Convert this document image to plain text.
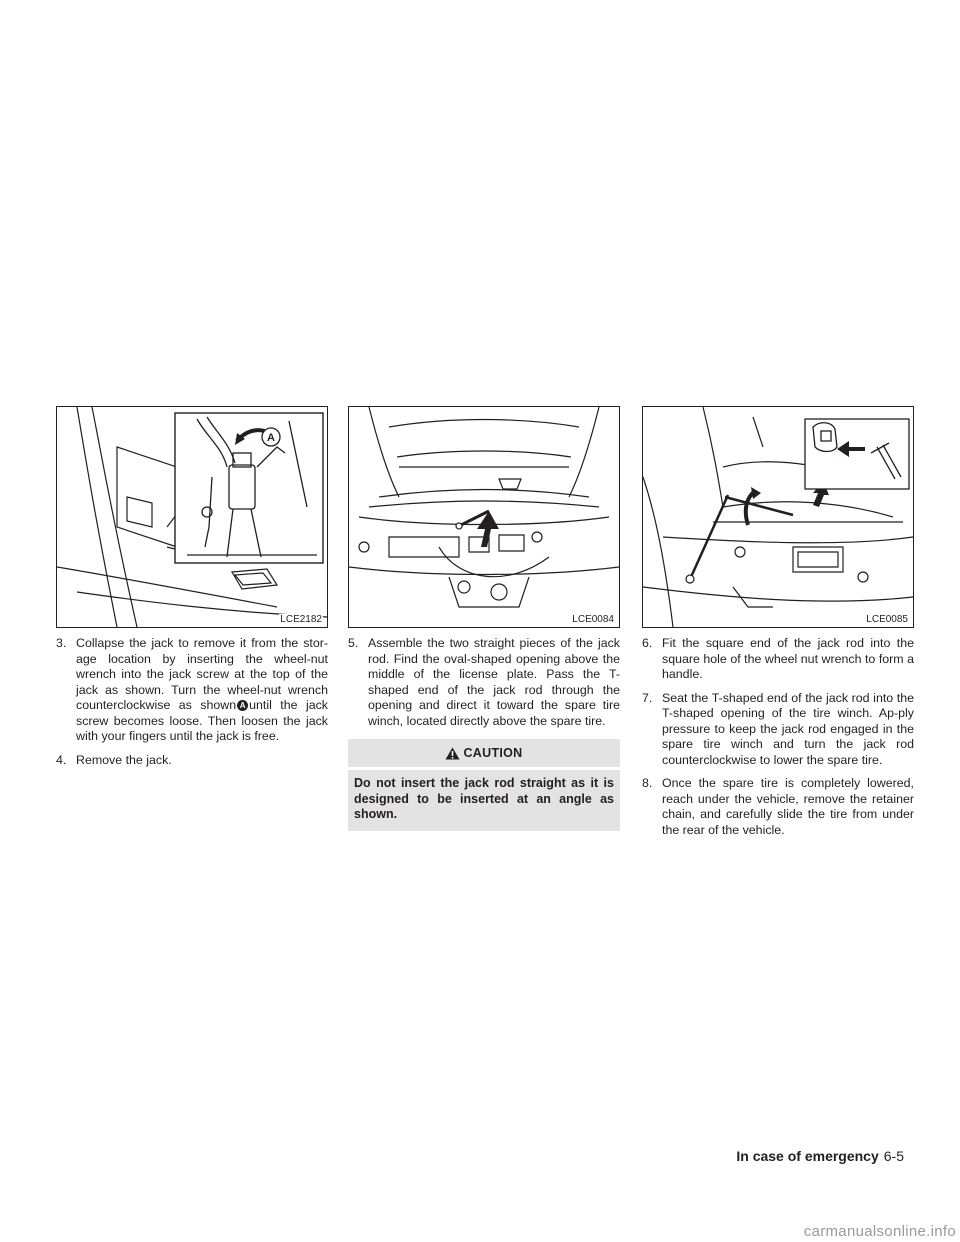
A
LCE2182
3. Collapse the jack to remove it from the stor-age location by inserting the wheel-nut wrench into the jack screw at the top of the jack as shown. Turn the wheel-nut wrench counterclockwise as shown A until the jack screw becomes loose. Then loosen the jack with your fingers until the jack is free.
4. Remove the jack.
LCE0084
5. Assemble the two straight pieces of the jack rod. Find the oval-shaped opening above the middle of the license plate. Pass the T-shaped end of the jack rod through the opening and direct it toward the spare tire winch, located directly above the spare tire.
CAUTION
Do not insert the jack rod straight as it is designed to be inserted at an angle as shown.
LCE0085
6. Fit the square end of the jack rod into the square hole of the wheel nut wrench to form a handle.
7. Seat the T-shaped end of the jack rod into the T-shaped opening of the tire winch. Ap-ply pressure to keep the jack rod engaged in the spare tire winch and turn the jack rod counterclockwise to lower the spare tire.
8. Once the spare tire is completely lowered, reach under the vehicle, remove the retainer chain, and carefully slide the tire from under the rear of the vehicle.
In case of emergency 6-5
carmanualsonline.info
